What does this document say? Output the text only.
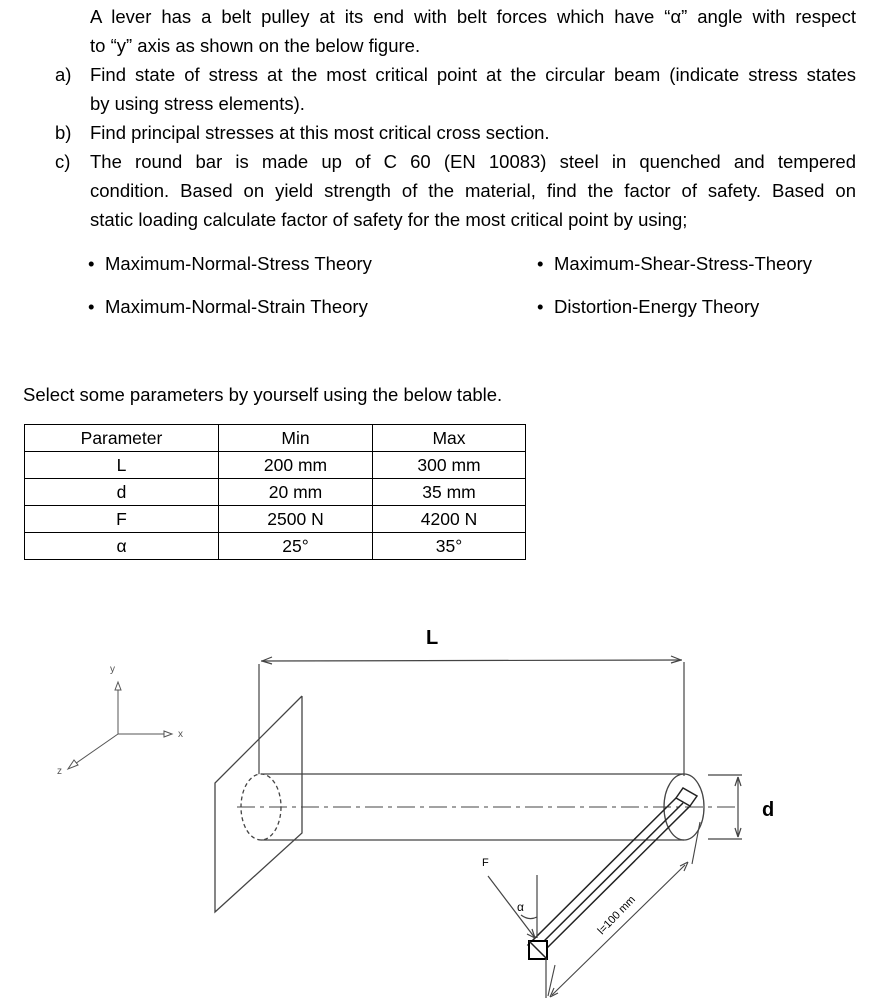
A lever has a belt pulley at its end with belt forces which have “α” angle with respect
to “y” axis as shown on the below figure.
a) Find state of stress at the most critical point at the circular beam (indicate stress states
by using stress elements).
b) Find principal stresses at this most critical cross section.
c) The round bar is made up of C 60 (EN 10083) steel in quenched and tempered
condition. Based on yield strength of the material, find the factor of safety. Based on
static loading calculate factor of safety for the most critical point by using;
• Maximum-Normal-Stress Theory	• Maximum-Shear-Stress-Theory
• Maximum-Normal-Strain Theory	• Distortion-Energy Theory
Select some parameters by yourself using the below table.
Parameter	Min	Max
L	200 mm	300 mm
d	20 mm	35 mm
F	2500 N	4200 N
α	25°	35°
y
x
z
L
l=100 mm
F
α
d
